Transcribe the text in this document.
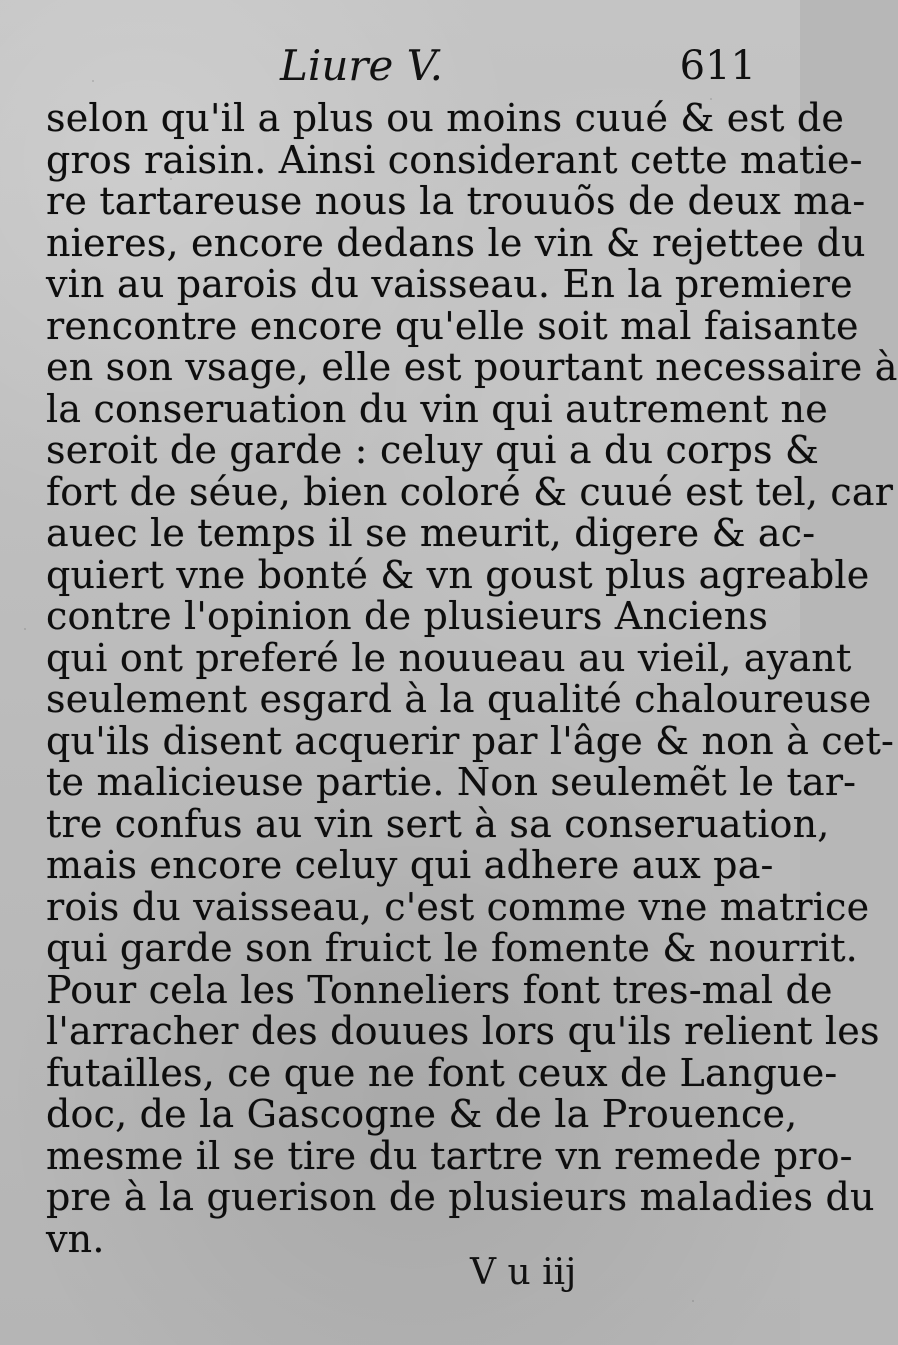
Liure V.	611
selon qu'il a plus ou moins cuué & est de
gros raisin. Ainsi considerant cette matie-
re tartareuse nous la trouuõs de deux ma-
nieres, encore dedans le vin & rejettee du
vin au parois du vaisseau. En la premiere
rencontre encore qu'elle soit mal faisante
en son vsage, elle est pourtant necessaire à
la conseruation du vin qui autrement ne
seroit de garde : celuy qui a du corps &
fort de séue, bien coloré & cuué est tel, car
auec le temps il se meurit, digere & ac-
quiert vne bonté & vn goust plus agreable
contre l'opinion de plusieurs Anciens
qui ont preferé le nouueau au vieil, ayant
seulement esgard à la qualité chaloureuse
qu'ils disent acquerir par l'âge & non à cet-
te malicieuse partie. Non seulemẽt le tar-
tre confus au vin sert à sa conseruation,
mais encore celuy qui adhere aux pa-
rois du vaisseau, c'est comme vne matrice
qui garde son fruict le fomente & nourrit.
Pour cela les Tonneliers font tres-mal de
l'arracher des douues lors qu'ils relient les
futailles, ce que ne font ceux de Langue-
doc, de la Gascogne & de la Prouence,
mesme il se tire du tartre vn remede pro-
pre à la guerison de plusieurs maladies du
vn.
V u iij
